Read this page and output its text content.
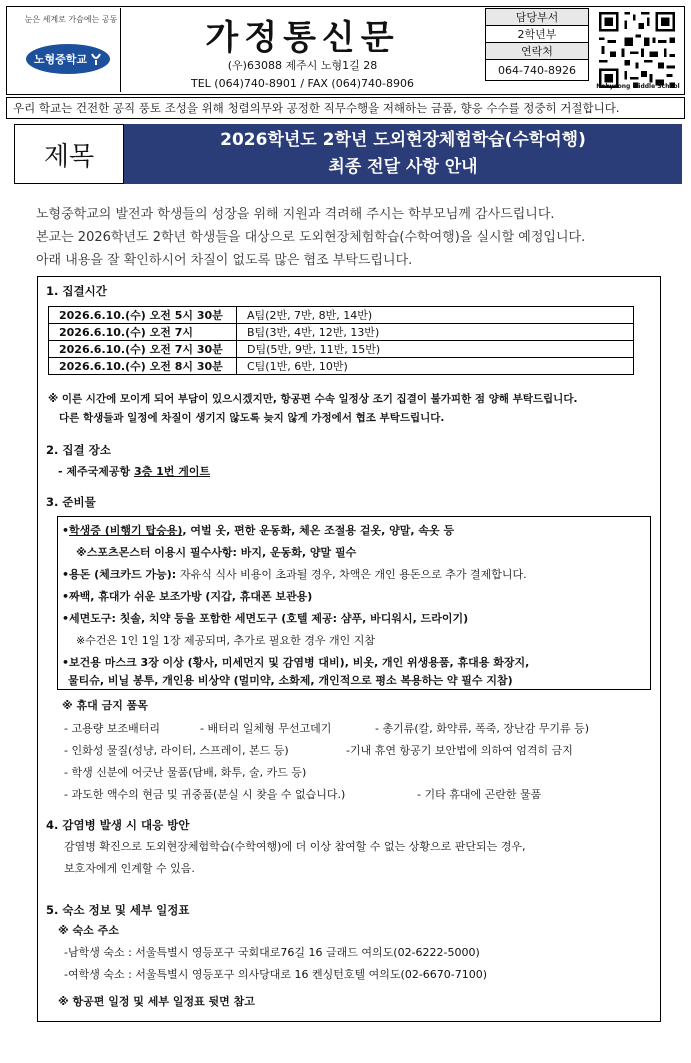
눈은 세계로 가슴에는 공동
노형중학교
가정통신문
(우)63088 제주시 노형1길 28
TEL (064)740-8901 / FAX (064)740-8906
담당부서
2학년부
연락처
064-740-8926
Nohyeong Middle School
우리 학교는 건전한 공직 풍토 조성을 위해 청렴의무와 공정한 직무수행을 저해하는 금품, 향응 수수를 정중히 거절합니다.
제목
2026학년도 2학년 도외현장체험학습(수학여행)
최종 전달 사항 안내
노형중학교의 발전과 학생들의 성장을 위해 지원과 격려해 주시는 학부모님께 감사드립니다.
본교는 2026학년도 2학년 학생들을 대상으로 도외현장체험학습(수학여행)을 실시할 예정입니다.
아래 내용을 잘 확인하시어 차질이 없도록 많은 협조 부탁드립니다.
1. 집결시간
2026.6.10.(수) 오전 5시 30분	A팀(2반, 7반, 8반, 14반)
2026.6.10.(수) 오전 7시	B팀(3반, 4반, 12반, 13반)
2026.6.10.(수) 오전 7시 30분	D팀(5반, 9반, 11반, 15반)
2026.6.10.(수) 오전 8시 30분	C팀(1반, 6반, 10반)
※ 이른 시간에 모이게 되어 부담이 있으시겠지만, 항공편 수속 일정상 조기 집결이 불가피한 점 양해 부탁드립니다.
다른 학생들과 일정에 차질이 생기지 않도록 늦지 않게 가정에서 협조 부탁드립니다.
2. 집결 장소
- 제주국제공항 3층 1번 게이트
3. 준비물
•학생증 (비행기 탑승용), 여벌 옷, 편한 운동화, 체온 조절용 겉옷, 양말, 속옷 등
※스포츠몬스터 이용시 필수사항: 바지, 운동화, 양말 필수
•용돈 (체크카드 가능): 자유식 식사 비용이 초과될 경우, 차액은 개인 용돈으로 추가 결제합니다.
•짜백, 휴대가 쉬운 보조가방 (지갑, 휴대폰 보관용)
•세면도구: 칫솔, 치약 등을 포함한 세면도구 (호텔 제공: 샴푸, 바디워시, 드라이기)
※수건은 1인 1일 1장 제공되며, 추가로 필요한 경우 개인 지참
•보건용 마스크 3장 이상 (황사, 미세먼지 및 감염병 대비), 비옷, 개인 위생용품, 휴대용 화장지,
물티슈, 비닐 봉투, 개인용 비상약 (멀미약, 소화제, 개인적으로 평소 복용하는 약 필수 지참)
※ 휴대 금지 품목
- 고용량 보조배터리	- 배터리 일체형 무선고데기	- 총기류(칼, 화약류, 폭죽, 장난감 무기류 등)
- 인화성 물질(성냥, 라이터, 스프레이, 본드 등)	-기내 휴연 항공기 보안법에 의하여 엄격히 금지
- 학생 신분에 어긋난 물품(담배, 화투, 술, 카드 등)
- 과도한 액수의 현금 및 귀중품(분실 시 찾을 수 없습니다.)	- 기타 휴대에 곤란한 물품
4. 감염병 발생 시 대응 방안
감염병 확진으로 도외현장체험학습(수학여행)에 더 이상 참여할 수 없는 상황으로 판단되는 경우,
보호자에게 인계할 수 있음.
5. 숙소 정보 및 세부 일정표
※ 숙소 주소
-남학생 숙소 : 서울특별시 영등포구 국회대로76길 16 글래드 여의도(02-6222-5000)
-여학생 숙소 : 서울특별시 영등포구 의사당대로 16 켄싱턴호텔 여의도(02-6670-7100)
※ 항공편 일정 및 세부 일정표 뒷면 참고
